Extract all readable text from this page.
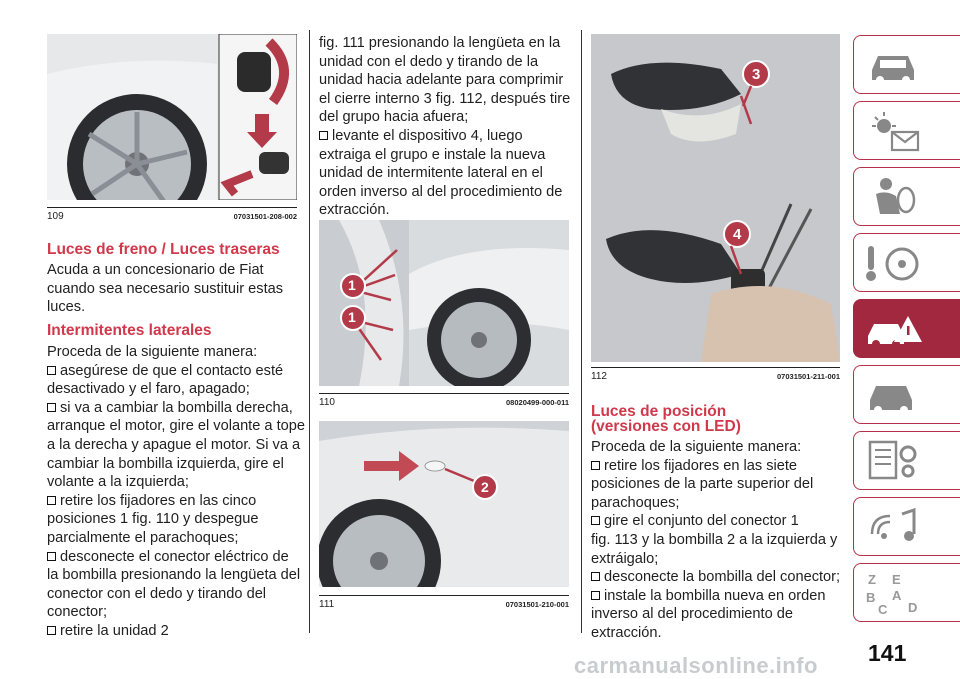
109	07031501-208-002
Luces de freno / Luces traseras

Acuda a un concesionario de Fiat

cuando sea necesario sustituir estas

luces.

Intermitentes laterales

Proceda de la siguiente manera:

asegúrese de que el contacto esté

desactivado y el faro, apagado;

si va a cambiar la bombilla derecha,

arranque el motor, gire el volante a tope

a la derecha y apague el motor. Si va a

cambiar la bombilla izquierda, gire el

volante a la izquierda;

retire los fijadores en las cinco

posiciones 1 fig. 110 y despegue

parcialmente el parachoques;

desconecte el conector eléctrico de

la bombilla presionando la lengüeta del

conector con el dedo y tirando del

conector;

retire la unidad 2

fig. 111 presionando la lengüeta en la

unidad con el dedo y tirando de la

unidad hacia adelante para comprimir

el cierre interno 3 fig. 112, después tire

del grupo hacia afuera;

levante el dispositivo 4, luego

extraiga el grupo e instale la nueva

unidad de intermitente lateral en el

orden inverso al del procedimiento de

extracción.

1
1
110	08020499-000-011
2
111	07031501-210-001
3
4
112	07031501-211-001
Luces de posición
(versiones con LED)

Proceda de la siguiente manera:

retire los fijadores en las siete

posiciones de la parte superior del parachoques;

gire el conjunto del conector 1

fig. 113 y la bombilla 2 a la izquierda y

extráigalo;

desconecte la bombilla del conector;

instale la bombilla nueva en orden

inverso al del procedimiento de

extracción.

Z E
B A
C D
141
carmanualsonline.info
